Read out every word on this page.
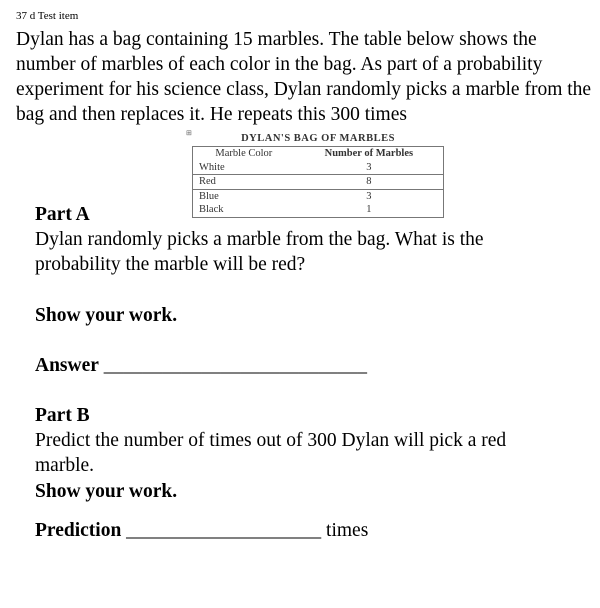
37 d Test item
Dylan has a bag containing 15 marbles. The table below shows the number of marbles of each color in the bag. As part of a probability experiment for his science class, Dylan randomly picks a marble from the bag and then replaces it. He repeats this 300 times
⊞	DYLAN'S BAG OF MARBLES
Marble Color	Number of Marbles
White	3
Red	8
Blue	3
Black	1
Part A
Dylan randomly picks a marble from the bag. What is the
probability the marble will be red?
Show your work.
Answer ___________________________
Part B
Predict the number of times out of 300 Dylan will pick a red
marble.
Show your work.
Prediction ____________________ times
